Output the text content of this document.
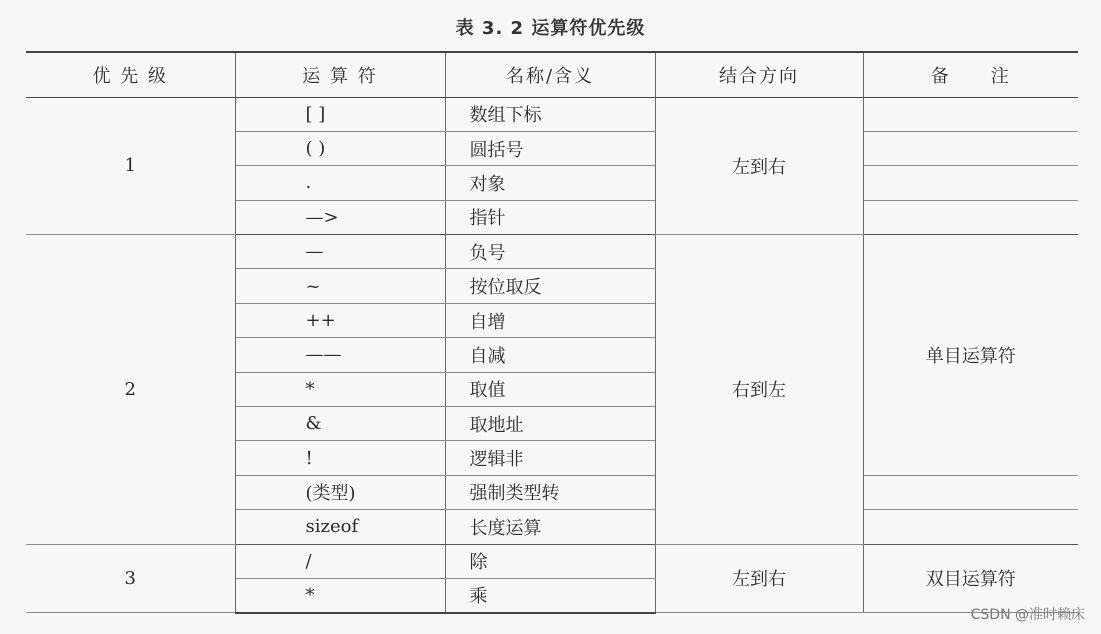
表 3. 2 运算符优先级
优 先 级	运 算 符	名称/含义	结合方向	备　　注
1	[ ]	数组下标	左到右	
	( )	圆括号		
	.	对象		
	—>	指针		
2	—	负号	右到左	单目运算符
	~	按位取反		
	++	自增		
	——	自减		
	*	取值		
	&	取地址		
	!	逻辑非		
	(类型)	强制类型转		
	sizeof	长度运算		
3	/	除	左到右	双目运算符
	*	乘		
CSDN @准时赖床
